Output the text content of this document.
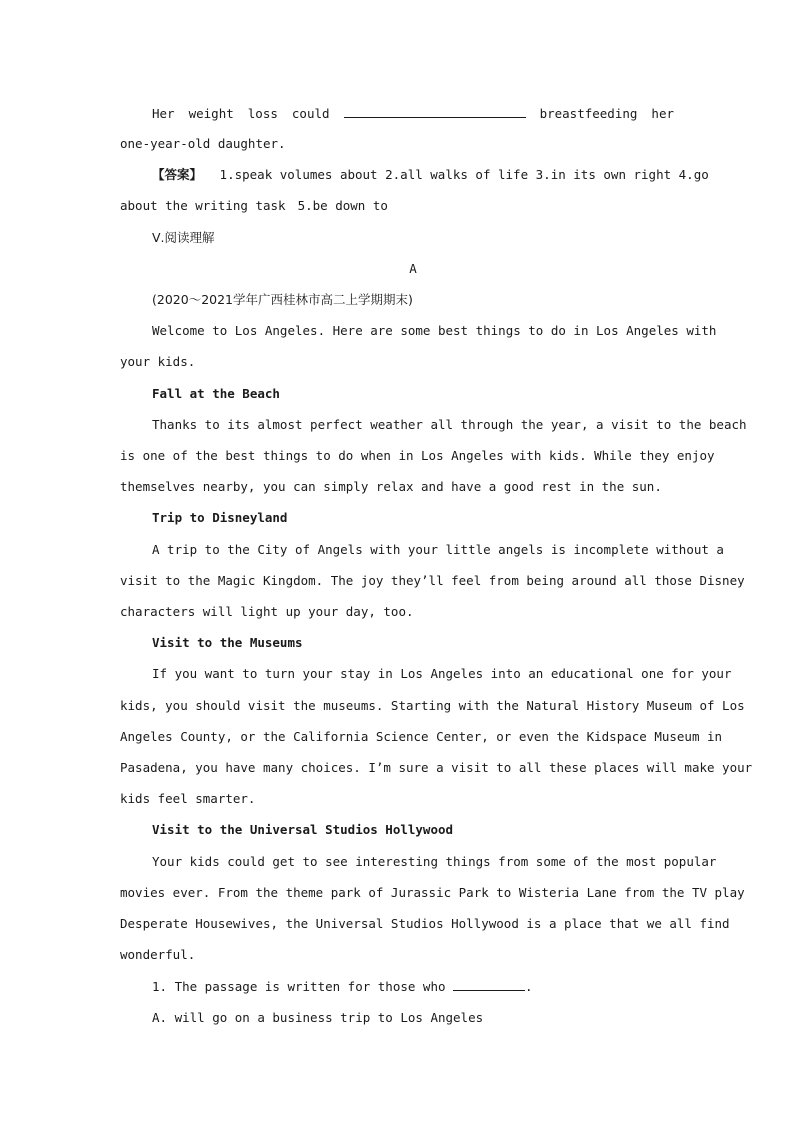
Her weight loss could	breastfeeding her
one-year-old daughter.
【答案】 1.speak volumes about 2.all walks of life 3.in its own right 4.go
about the writing task 5.be down to
Ⅴ.阅读理解
A
(2020～2021学年广西桂林市高二上学期期末)
Welcome to Los Angeles. Here are some best things to do in Los Angeles with
your kids.
Fall at the Beach
Thanks to its almost perfect weather all through the year, a visit to the beach
is one of the best things to do when in Los Angeles with kids. While they enjoy
themselves nearby, you can simply relax and have a good rest in the sun.
Trip to Disneyland
A trip to the City of Angels with your little angels is incomplete without a
visit to the Magic Kingdom. The joy they’ll feel from being around all those Disney
characters will light up your day, too.
Visit to the Museums
If you want to turn your stay in Los Angeles into an educational one for your
kids, you should visit the museums. Starting with the Natural History Museum of Los
Angeles County, or the California Science Center, or even the Kidspace Museum in
Pasadena, you have many choices. I’m sure a visit to all these places will make your
kids feel smarter.
Visit to the Universal Studios Hollywood
Your kids could get to see interesting things from some of the most popular
movies ever. From the theme park of Jurassic Park to Wisteria Lane from the TV play
Desperate Housewives, the Universal Studios Hollywood is a place that we all find
wonderful.
1. The passage is written for those who	.
A. will go on a business trip to Los Angeles
